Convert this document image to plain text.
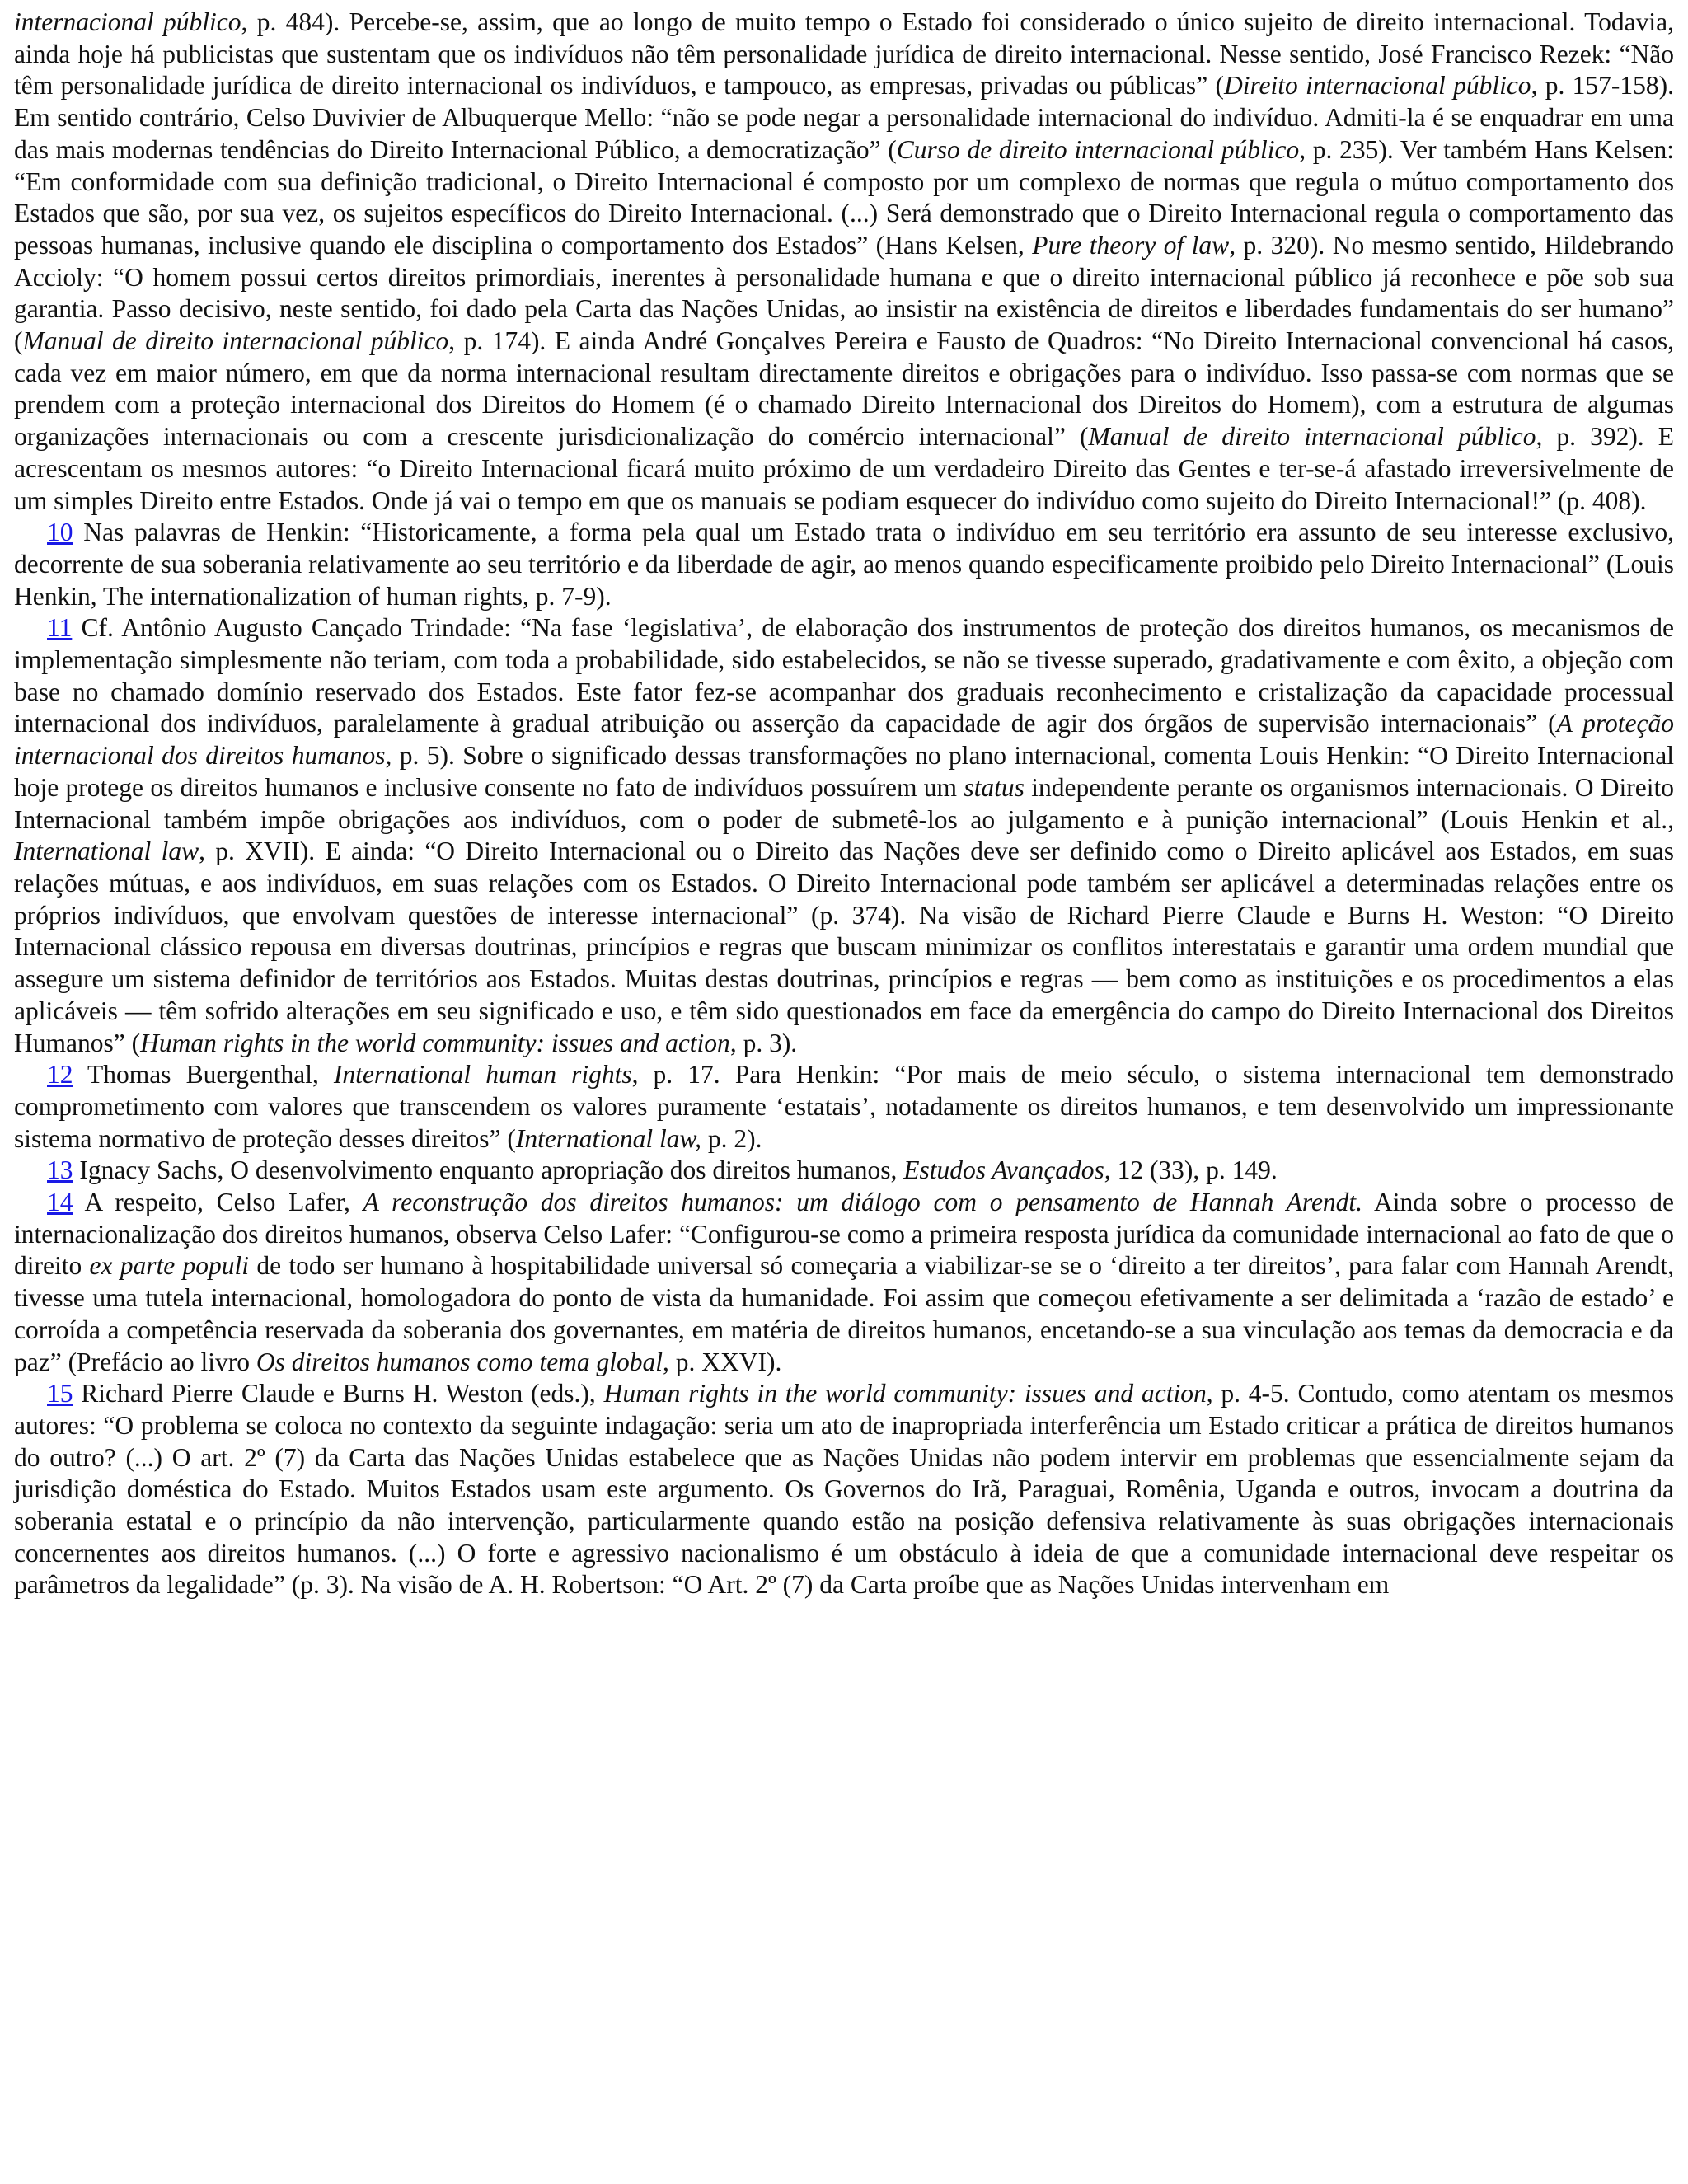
internacional público, p. 484). Percebe-se, assim, que ao longo de muito tempo o Estado foi considerado o único sujeito de direito internacional. Todavia, ainda hoje há publicistas que sustentam que os indivíduos não têm personalidade jurídica de direito internacional. Nesse sentido, José Francisco Rezek: “Não têm personalidade jurídica de direito internacional os indivíduos, e tampouco, as empresas, privadas ou públicas” (Direito internacional público, p. 157-158). Em sentido contrário, Celso Duvivier de Albuquerque Mello: “não se pode negar a personalidade internacional do indivíduo. Admiti-la é se enquadrar em uma das mais modernas tendências do Direito Internacional Público, a democratização” (Curso de direito internacional público, p. 235). Ver também Hans Kelsen: “Em conformidade com sua definição tradicional, o Direito Internacional é composto por um complexo de normas que regula o mútuo comportamento dos Estados que são, por sua vez, os sujeitos específicos do Direito Internacional. (...) Será demonstrado que o Direito Internacional regula o comportamento das pessoas humanas, inclusive quando ele disciplina o comportamento dos Estados” (Hans Kelsen, Pure theory of law, p. 320). No mesmo sentido, Hildebrando Accioly: “O homem possui certos direitos primordiais, inerentes à personalidade humana e que o direito internacional público já reconhece e põe sob sua garantia. Passo decisivo, neste sentido, foi dado pela Carta das Nações Unidas, ao insistir na existência de direitos e liberdades fundamentais do ser humano” (Manual de direito internacional público, p. 174). E ainda André Gonçalves Pereira e Fausto de Quadros: “No Direito Internacional convencional há casos, cada vez em maior número, em que da norma internacional resultam directamente direitos e obrigações para o indivíduo. Isso passa-se com normas que se prendem com a proteção internacional dos Direitos do Homem (é o chamado Direito Internacional dos Direitos do Homem), com a estrutura de algumas organizações internacionais ou com a crescente jurisdicionalização do comércio internacional” (Manual de direito internacional público, p. 392). E acrescentam os mesmos autores: “o Direito Internacional ficará muito próximo de um verdadeiro Direito das Gentes e ter-se-á afastado irreversivelmente de um simples Direito entre Estados. Onde já vai o tempo em que os manuais se podiam esquecer do indivíduo como sujeito do Direito Internacional!” (p. 408).

10 Nas palavras de Henkin: “Historicamente, a forma pela qual um Estado trata o indivíduo em seu território era assunto de seu interesse exclusivo, decorrente de sua soberania relativamente ao seu território e da liberdade de agir, ao menos quando especificamente proibido pelo Direito Internacional” (Louis Henkin, The internationalization of human rights, p. 7-9).

11 Cf. Antônio Augusto Cançado Trindade: “Na fase ‘legislativa’, de elaboração dos instrumentos de proteção dos direitos humanos, os mecanismos de implementação simplesmente não teriam, com toda a probabilidade, sido estabelecidos, se não se tivesse superado, gradativamente e com êxito, a objeção com base no chamado domínio reservado dos Estados. Este fator fez-se acompanhar dos graduais reconhecimento e cristalização da capacidade processual internacional dos indivíduos, paralelamente à gradual atribuição ou asserção da capacidade de agir dos órgãos de supervisão internacionais” (A proteção internacional dos direitos humanos, p. 5). Sobre o significado dessas transformações no plano internacional, comenta Louis Henkin: “O Direito Internacional hoje protege os direitos humanos e inclusive consente no fato de indivíduos possuírem um status independente perante os organismos internacionais. O Direito Internacional também impõe obrigações aos indivíduos, com o poder de submetê-los ao julgamento e à punição internacional” (Louis Henkin et al., International law, p. XVII). E ainda: “O Direito Internacional ou o Direito das Nações deve ser definido como o Direito aplicável aos Estados, em suas relações mútuas, e aos indivíduos, em suas relações com os Estados. O Direito Internacional pode também ser aplicável a determinadas relações entre os próprios indivíduos, que envolvam questões de interesse internacional” (p. 374). Na visão de Richard Pierre Claude e Burns H. Weston: “O Direito Internacional clássico repousa em diversas doutrinas, princípios e regras que buscam minimizar os conflitos interestatais e garantir uma ordem mundial que assegure um sistema definidor de territórios aos Estados. Muitas destas doutrinas, princípios e regras — bem como as instituições e os procedimentos a elas aplicáveis — têm sofrido alterações em seu significado e uso, e têm sido questionados em face da emergência do campo do Direito Internacional dos Direitos Humanos” (Human rights in the world community: issues and action, p. 3).

12 Thomas Buergenthal, International human rights, p. 17. Para Henkin: “Por mais de meio século, o sistema internacional tem demonstrado comprometimento com valores que transcendem os valores puramente ‘estatais’, notadamente os direitos humanos, e tem desenvolvido um impressionante sistema normativo de proteção desses direitos” (International law, p. 2).

13 Ignacy Sachs, O desenvolvimento enquanto apropriação dos direitos humanos, Estudos Avançados, 12 (33), p. 149.

14 A respeito, Celso Lafer, A reconstrução dos direitos humanos: um diálogo com o pensamento de Hannah Arendt. Ainda sobre o processo de internacionalização dos direitos humanos, observa Celso Lafer: “Configurou-se como a primeira resposta jurídica da comunidade internacional ao fato de que o direito ex parte populi de todo ser humano à hospitabilidade universal só começaria a viabilizar-se se o ‘direito a ter direitos’, para falar com Hannah Arendt, tivesse uma tutela internacional, homologadora do ponto de vista da humanidade. Foi assim que começou efetivamente a ser delimitada a ‘razão de estado’ e corroída a competência reservada da soberania dos governantes, em matéria de direitos humanos, encetando-se a sua vinculação aos temas da democracia e da paz” (Prefácio ao livro Os direitos humanos como tema global, p. XXVI).

15 Richard Pierre Claude e Burns H. Weston (eds.), Human rights in the world community: issues and action, p. 4-5. Contudo, como atentam os mesmos autores: “O problema se coloca no contexto da seguinte indagação: seria um ato de inapropriada interferência um Estado criticar a prática de direitos humanos do outro? (...) O art. 2º (7) da Carta das Nações Unidas estabelece que as Nações Unidas não podem intervir em problemas que essencialmente sejam da jurisdição doméstica do Estado. Muitos Estados usam este argumento. Os Governos do Irã, Paraguai, Romênia, Uganda e outros, invocam a doutrina da soberania estatal e o princípio da não intervenção, particularmente quando estão na posição defensiva relativamente às suas obrigações internacionais concernentes aos direitos humanos. (...) O forte e agressivo nacionalismo é um obstáculo à ideia de que a comunidade internacional deve respeitar os parâmetros da legalidade” (p. 3). Na visão de A. H. Robertson: “O Art. 2º (7) da Carta proíbe que as Nações Unidas intervenham em
